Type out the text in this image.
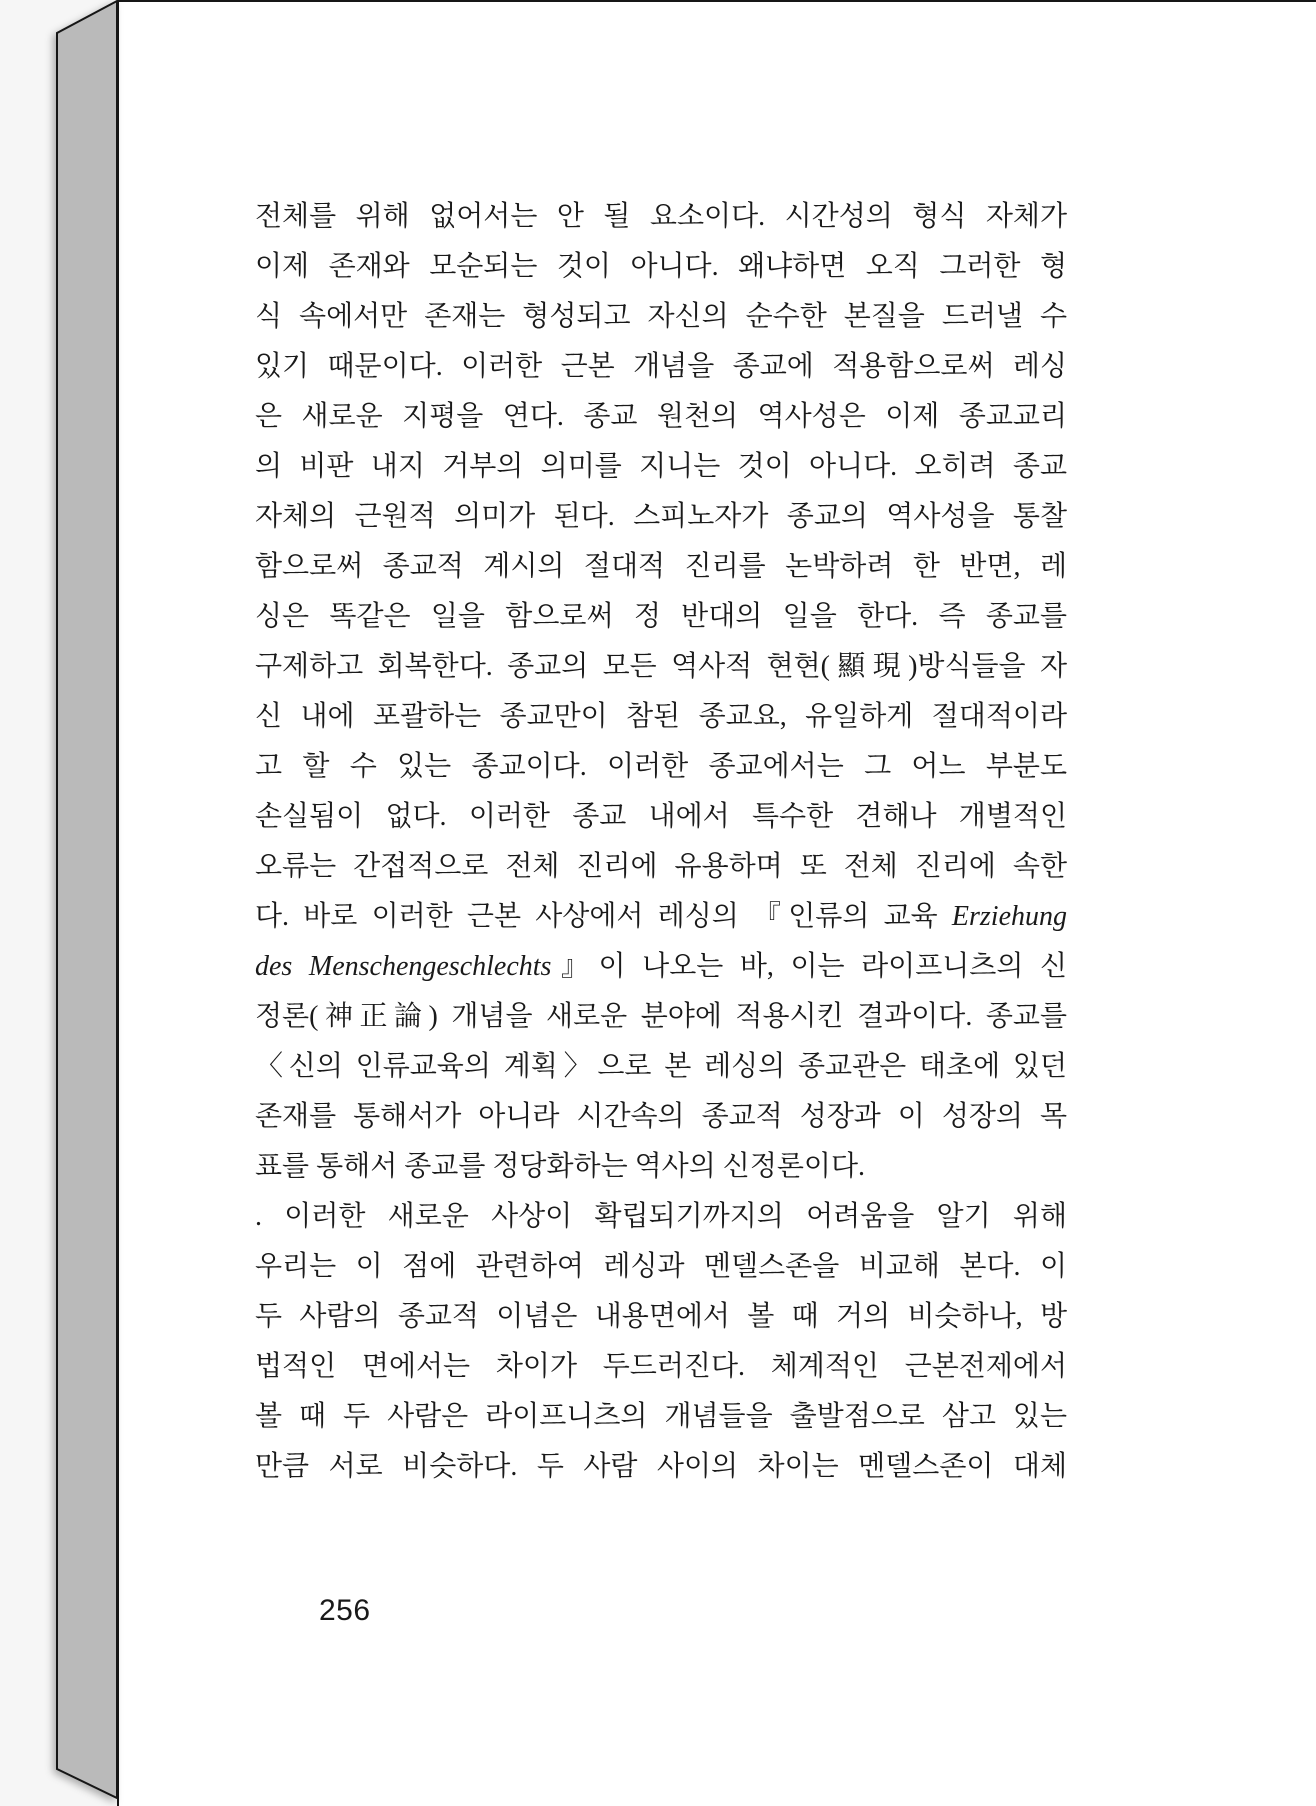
전체를 위해 없어서는 안 될 요소이다. 시간성의 형식 자체가
이제 존재와 모순되는 것이 아니다. 왜냐하면 오직 그러한 형
식 속에서만 존재는 형성되고 자신의 순수한 본질을 드러낼 수
있기 때문이다. 이러한 근본 개념을 종교에 적용함으로써 레싱
은 새로운 지평을 연다. 종교 원천의 역사성은 이제 종교교리
의 비판 내지 거부의 의미를 지니는 것이 아니다. 오히려 종교
자체의 근원적 의미가 된다. 스피노자가 종교의 역사성을 통찰
함으로써 종교적 계시의 절대적 진리를 논박하려 한 반면, 레
싱은 똑같은 일을 함으로써 정 반대의 일을 한다. 즉 종교를
구제하고 회복한다. 종교의 모든 역사적 현현(顯現)방식들을 자
신 내에 포괄하는 종교만이 참된 종교요, 유일하게 절대적이라
고 할 수 있는 종교이다. 이러한 종교에서는 그 어느 부분도
손실됨이 없다. 이러한 종교 내에서 특수한 견해나 개별적인
오류는 간접적으로 전체 진리에 유용하며 또 전체 진리에 속한
다. 바로 이러한 근본 사상에서 레싱의 『인류의 교육 Erziehung
des Menschengeschlechts』이 나오는 바, 이는 라이프니츠의 신
정론(神正論) 개념을 새로운 분야에 적용시킨 결과이다. 종교를
〈신의 인류교육의 계획〉으로 본 레싱의 종교관은 태초에 있던
존재를 통해서가 아니라 시간속의 종교적 성장과 이 성장의 목
표를 통해서 종교를 정당화하는 역사의 신정론이다.
. 이러한 새로운 사상이 확립되기까지의 어려움을 알기 위해
우리는 이 점에 관련하여 레싱과 멘델스존을 비교해 본다. 이
두 사람의 종교적 이념은 내용면에서 볼 때 거의 비슷하나, 방
법적인 면에서는 차이가 두드러진다. 체계적인 근본전제에서
볼 때 두 사람은 라이프니츠의 개념들을 출발점으로 삼고 있는
만큼 서로 비슷하다. 두 사람 사이의 차이는 멘델스존이 대체
256
